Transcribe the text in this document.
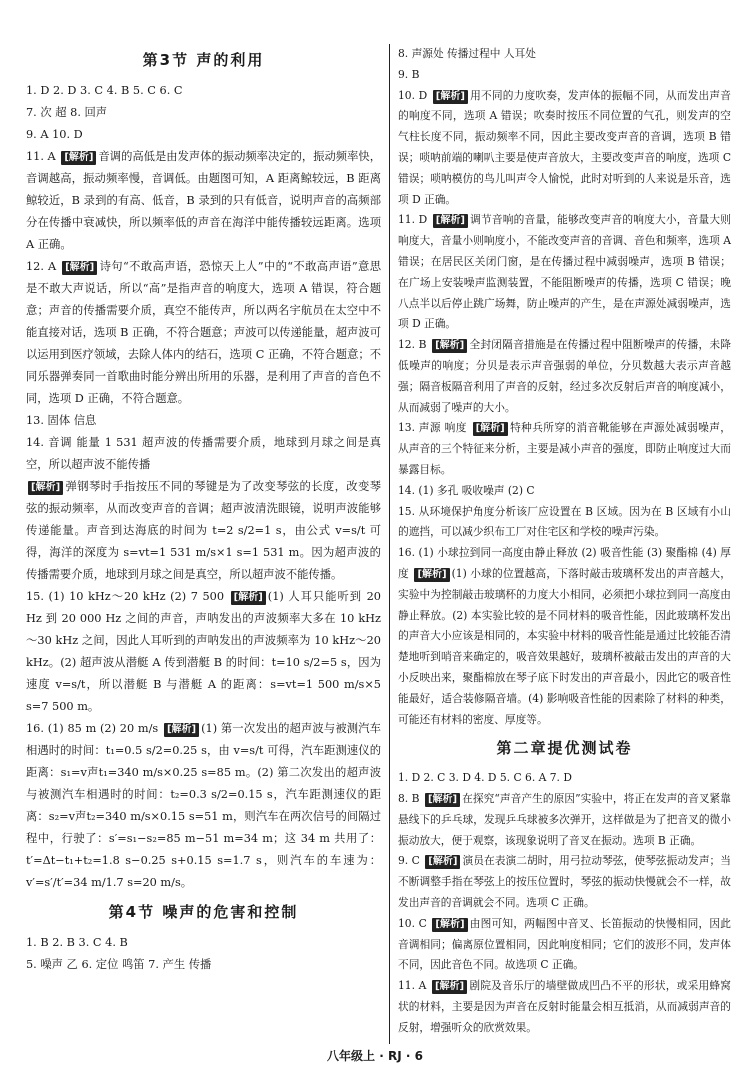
第3节 声的利用

1. D 2. D 3. C 4. B 5. C 6. C

7. 次 超 8. 回声

9. A 10. D

11. A [解析] 音调的高低是由发声体的振动频率决定的，振动频率快，音调越高，振动频率慢，音调低。由题图可知，A 距离鲸较远，B 距离鲸较近，B 录到的有高、低音，B 录到的只有低音，说明声音的高频部分在传播中衰减快，所以频率低的声音在海洋中能传播较远距离。选项 A 正确。

12. A [解析] 诗句“不敢高声语，恐惊天上人”中的“不敢高声语”意思是不敢大声说话，所以“高”是指声音的响度大，选项 A 错误，符合题意；声音的传播需要介质，真空不能传声，所以两名宇航员在太空中不能直接对话，选项 B 正确，不符合题意；声波可以传递能量，超声波可以运用到医疗领域，去除人体内的结石，选项 C 正确，不符合题意；不同乐器弹奏同一首歌曲时能分辨出所用的乐器，是利用了声音的音色不同，选项 D 正确，不符合题意。

13. 固体 信息

14. 音调 能量 1 531 超声波的传播需要介质，地球到月球之间是真空，所以超声波不能传播

[解析] 弹钢琴时手指按压不同的琴键是为了改变琴弦的长度，改变琴弦的振动频率，从而改变声音的音调；超声波清洗眼镜，说明声波能够传递能量。声音到达海底的时间为 t=2 s/2=1 s，由公式 v=s/t 可得，海洋的深度为 s=vt=1 531 m/s×1 s=1 531 m。因为超声波的传播需要介质，地球到月球之间是真空，所以超声波不能传播。

15. (1) 10 kHz～20 kHz (2) 7 500 [解析] (1) 人耳只能听到 20 Hz 到 20 000 Hz 之间的声音，声呐发出的声波频率大多在 10 kHz～30 kHz 之间，因此人耳听到的声呐发出的声波频率为 10 kHz～20 kHz。(2) 超声波从潜艇 A 传到潜艇 B 的时间：t=10 s/2=5 s，因为速度 v=s/t，所以潜艇 B 与潜艇 A 的距离：s=vt=1 500 m/s×5 s=7 500 m。

16. (1) 85 m (2) 20 m/s [解析] (1) 第一次发出的超声波与被测汽车相遇时的时间：t₁=0.5 s/2=0.25 s，由 v=s/t 可得，汽车距测速仪的距离：s₁=v声t₁=340 m/s×0.25 s=85 m。(2) 第二次发出的超声波与被测汽车相遇时的时间：t₂=0.3 s/2=0.15 s，汽车距测速仪的距离：s₂=v声t₂=340 m/s×0.15 s=51 m，则汽车在两次信号的间隔过程中，行驶了：s′=s₁−s₂=85 m−51 m=34 m；这 34 m 共用了：t′=Δt−t₁+t₂=1.8 s−0.25 s+0.15 s=1.7 s，则汽车的车速为：v′=s′/t′=34 m/1.7 s=20 m/s。

第4节 噪声的危害和控制

1. B 2. B 3. C 4. B

5. 噪声 乙 6. 定位 鸣笛 7. 产生 传播

8. 声源处 传播过程中 人耳处

9. B

10. D [解析] 用不同的力度吹奏，发声体的振幅不同，从而发出声音的响度不同，选项 A 错误；吹奏时按压不同位置的气孔，则发声的空气柱长度不同，振动频率不同，因此主要改变声音的音调，选项 B 错误；唢呐前端的喇叭主要是使声音放大，主要改变声音的响度，选项 C 错误；唢呐模仿的鸟儿叫声令人愉悦，此时对听到的人来说是乐音，选项 D 正确。

11. D [解析] 调节音响的音量，能够改变声音的响度大小，音量大则响度大，音量小则响度小，不能改变声音的音调、音色和频率，选项 A 错误；在居民区关闭门窗，是在传播过程中减弱噪声，选项 B 错误；在广场上安装噪声监测装置，不能阻断噪声的传播，选项 C 错误；晚八点半以后停止跳广场舞，防止噪声的产生，是在声源处减弱噪声，选项 D 正确。

12. B [解析] 全封闭隔音措施是在传播过程中阻断噪声的传播，未降低噪声的响度；分贝是表示声音强弱的单位，分贝数越大表示声音越强；隔音板隔音利用了声音的反射，经过多次反射后声音的响度减小，从而减弱了噪声的大小。

13. 声源 响度 [解析] 特种兵所穿的消音靴能够在声源处减弱噪声，从声音的三个特征来分析，主要是减小声音的强度，即防止响度过大而暴露目标。

14. (1) 多孔 吸收噪声 (2) C

15. 从环境保护角度分析该厂应设置在 B 区域。因为在 B 区域有小山的遮挡，可以减少织布工厂对住宅区和学校的噪声污染。

16. (1) 小球拉到同一高度由静止释放 (2) 吸音性能 (3) 聚酯棉 (4) 厚度 [解析] (1) 小球的位置越高，下落时敲击玻璃杯发出的声音越大，实验中为控制敲击玻璃杯的力度大小相同，必须把小球拉到同一高度由静止释放。(2) 本实验比较的是不同材料的吸音性能，因此玻璃杯发出的声音大小应该是相同的，本实验中材料的吸音性能是通过比较能否清楚地听到哨音来确定的，吸音效果越好，玻璃杯被敲击发出的声音的大小反映出来，聚酯棉放在琴子底下时发出的声音最小，因此它的吸音性能最好，适合装修隔音墙。(4) 影响吸音性能的因素除了材料的种类，可能还有材料的密度、厚度等。

第二章提优测试卷

1. D 2. C 3. D 4. D 5. C 6. A 7. D

8. B [解析] 在探究“声音产生的原因”实验中，将正在发声的音叉紧靠悬线下的乒乓球，发现乒乓球被多次弹开，这样做是为了把音叉的微小振动放大，便于观察，该现象说明了音叉在振动。选项 B 正确。

9. C [解析] 演员在表演二胡时，用弓拉动琴弦，使琴弦振动发声；当不断调整手指在琴弦上的按压位置时，琴弦的振动快慢就会不一样，故发出声音的音调就会不同。选项 C 正确。

10. C [解析] 由图可知，两幅图中音叉、长笛振动的快慢相同，因此音调相同；偏离原位置相同，因此响度相同；它们的波形不同，发声体不同，因此音色不同。故选项 C 正确。

11. A [解析] 剧院及音乐厅的墙壁做成凹凸不平的形状，或采用蜂窝状的材料，主要是因为声音在反射时能量会相互抵消，从而减弱声音的反射，增强听众的欣赏效果。

八年级上 · RJ · 6
